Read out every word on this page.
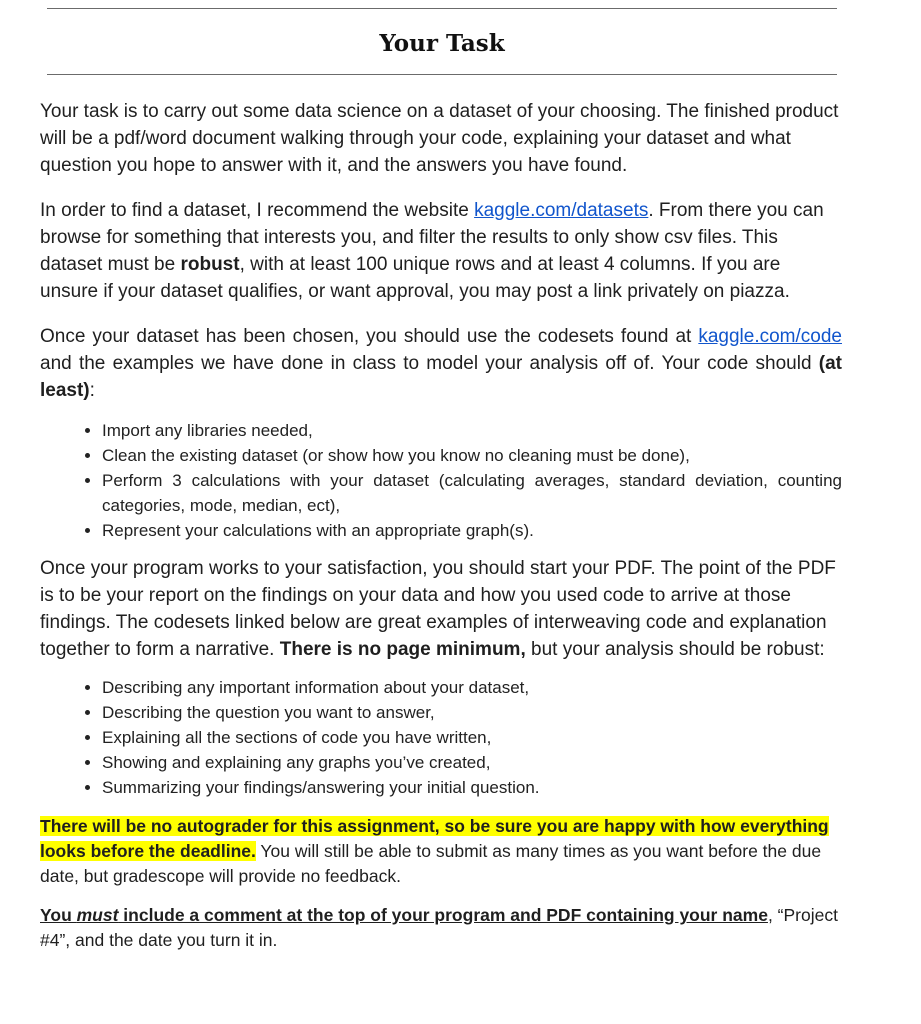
Your Task

Your task is to carry out some data science on a dataset of your choosing. The finished product will be a pdf/word document walking through your code, explaining your dataset and what question you hope to answer with it, and the answers you have found.

In order to find a dataset, I recommend the website kaggle.com/datasets. From there you can browse for something that interests you, and filter the results to only show csv files. This dataset must be robust, with at least 100 unique rows and at least 4 columns. If you are unsure if your dataset qualifies, or want approval, you may post a link privately on piazza.

Once your dataset has been chosen, you should use the codesets found at kaggle.com/code and the examples we have done in class to model your analysis off of. Your code should (at least):

• Import any libraries needed,
• Clean the existing dataset (or show how you know no cleaning must be done),
• Perform 3 calculations with your dataset (calculating averages, standard deviation, counting categories, mode, median, ect),
• Represent your calculations with an appropriate graph(s).

Once your program works to your satisfaction, you should start your PDF. The point of the PDF is to be your report on the findings on your data and how you used code to arrive at those findings. The codesets linked below are great examples of interweaving code and explanation together to form a narrative. There is no page minimum, but your analysis should be robust:

• Describing any important information about your dataset,
• Describing the question you want to answer,
• Explaining all the sections of code you have written,
• Showing and explaining any graphs you’ve created,
• Summarizing your findings/answering your initial question.

There will be no autograder for this assignment, so be sure you are happy with how everything looks before the deadline. You will still be able to submit as many times as you want before the due date, but gradescope will provide no feedback.

You must include a comment at the top of your program and PDF containing your name, “Project #4”, and the date you turn it in.
